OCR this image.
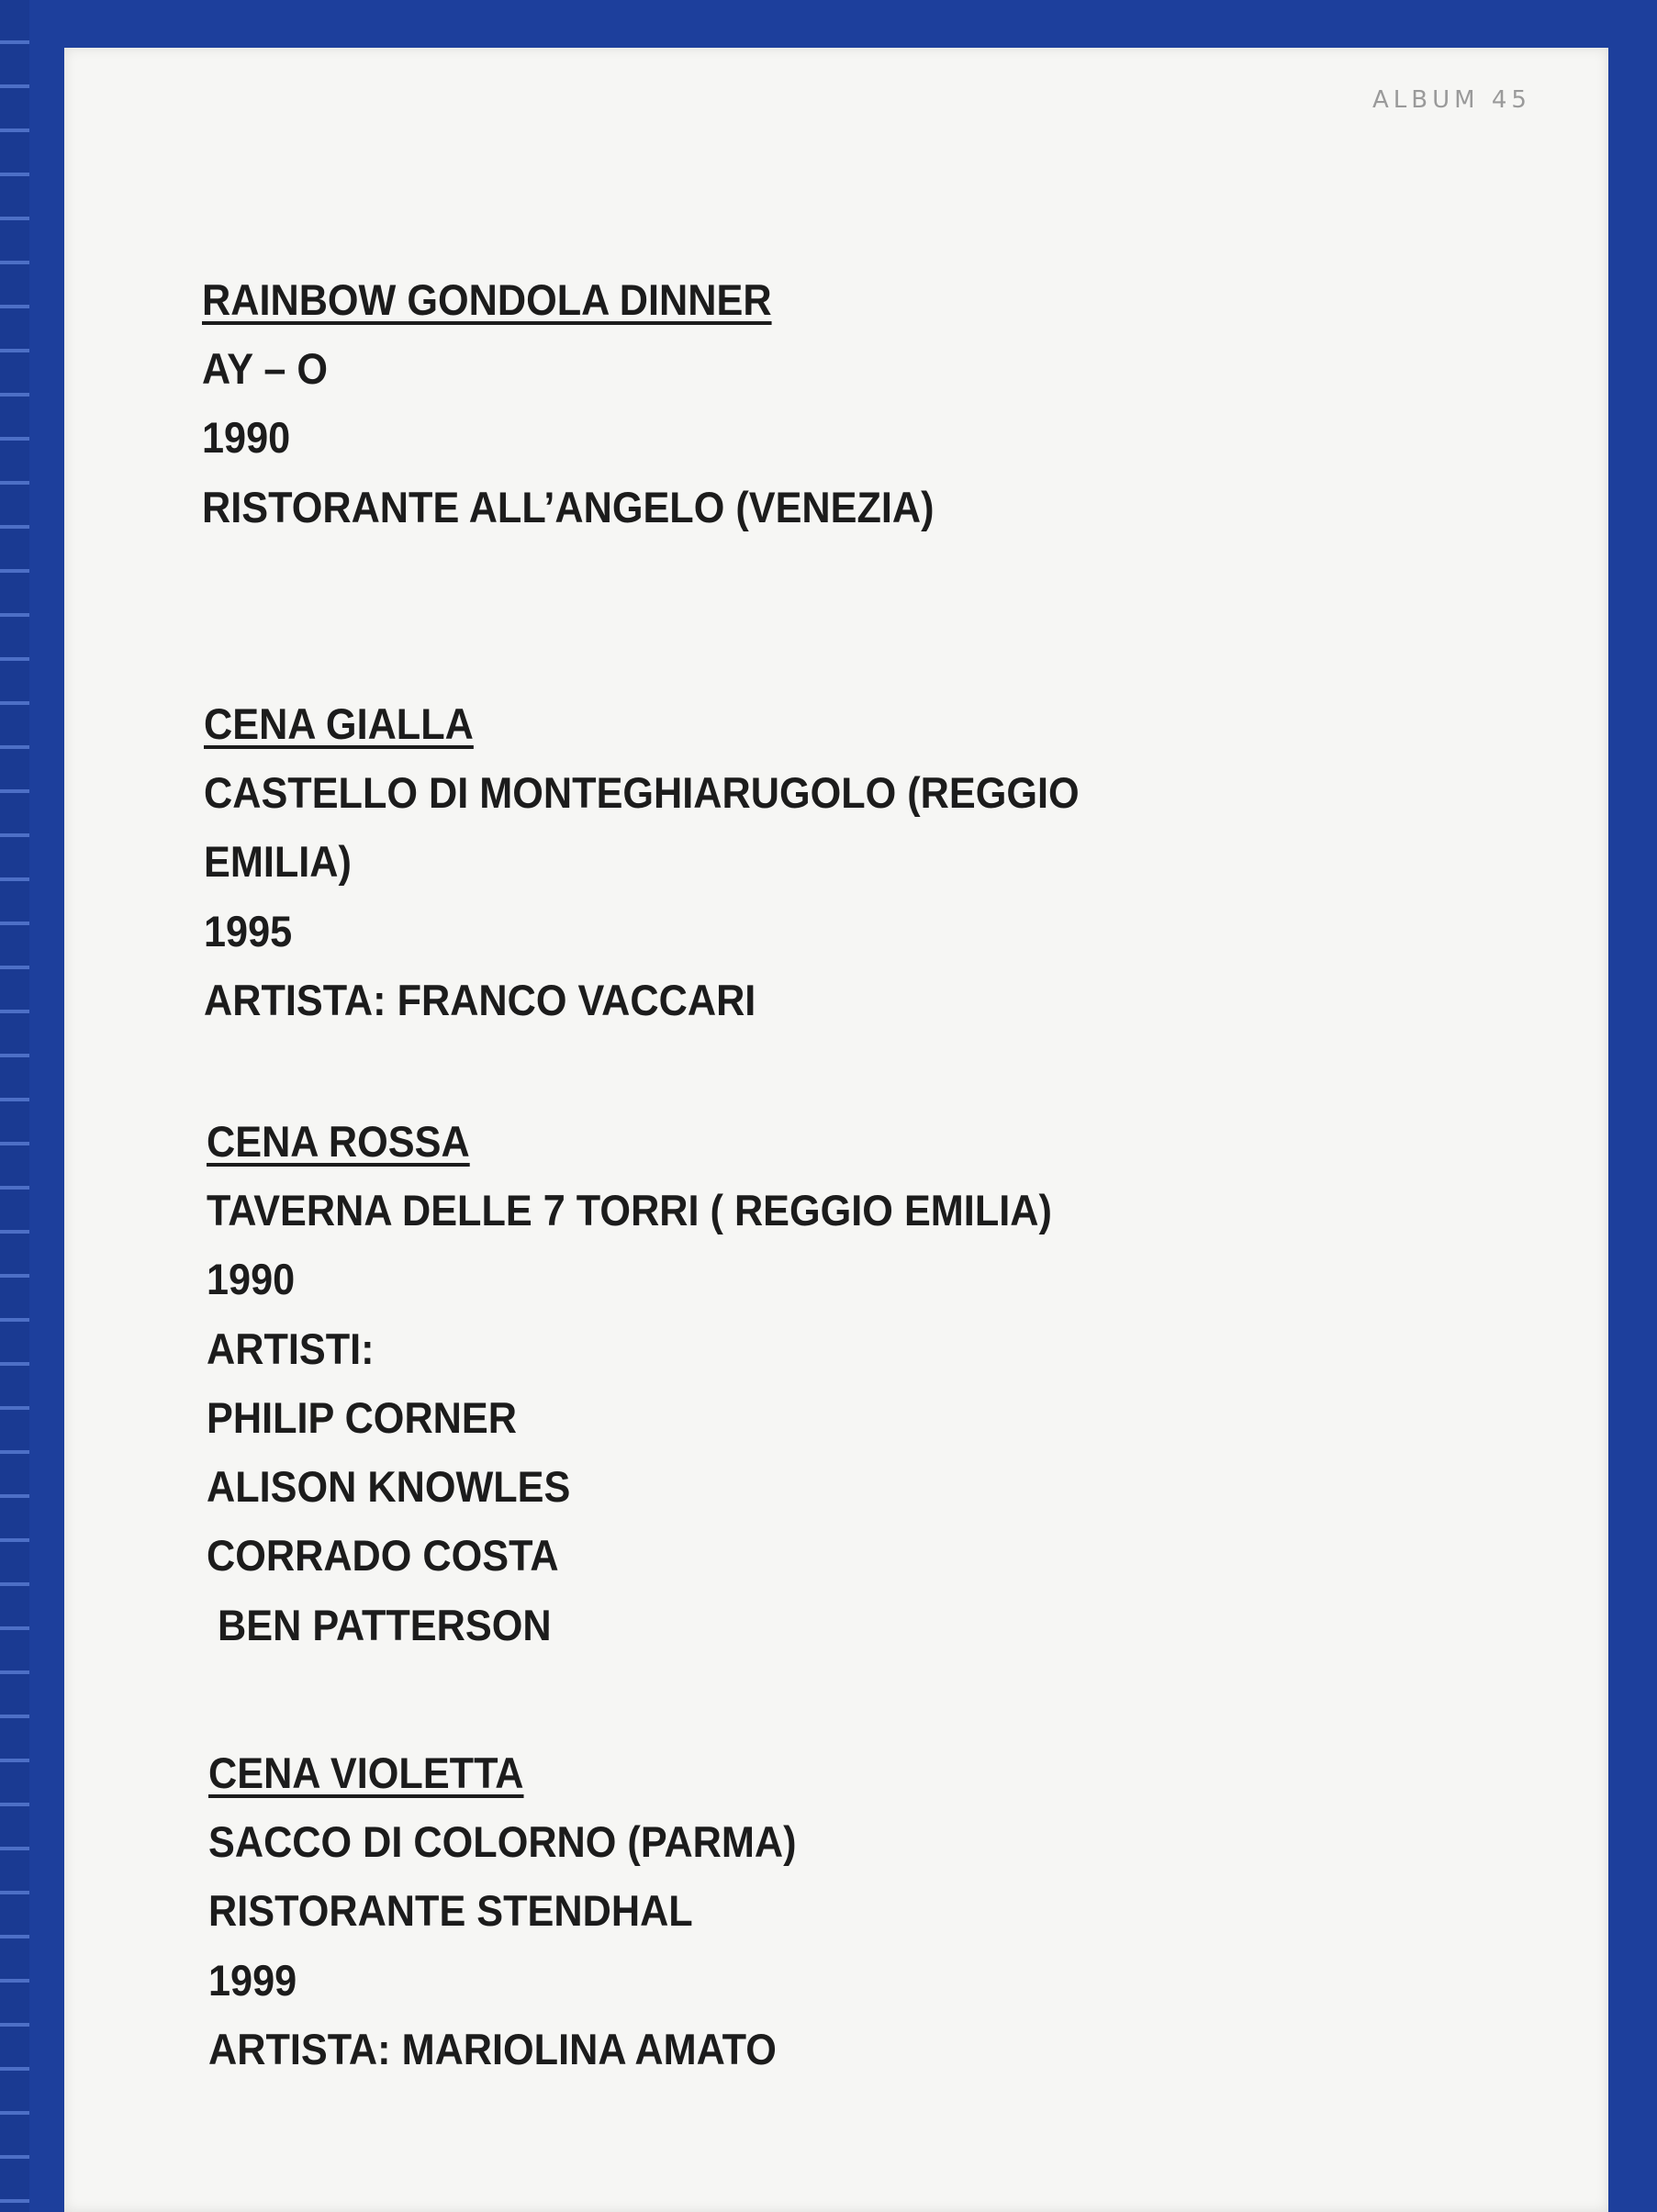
ALBUM 45
RAINBOW GONDOLA DINNER
AY – O
1990
RISTORANTE ALL’ANGELO (VENEZIA)
CENA GIALLA
CASTELLO DI MONTEGHIARUGOLO (REGGIO
EMILIA)
1995
ARTISTA: FRANCO VACCARI
CENA ROSSA
TAVERNA DELLE 7 TORRI ( REGGIO EMILIA)
1990
ARTISTI:
PHILIP CORNER
ALISON KNOWLES
CORRADO COSTA
BEN PATTERSON
CENA VIOLETTA
SACCO DI COLORNO (PARMA)
RISTORANTE STENDHAL
1999
ARTISTA: MARIOLINA AMATO
